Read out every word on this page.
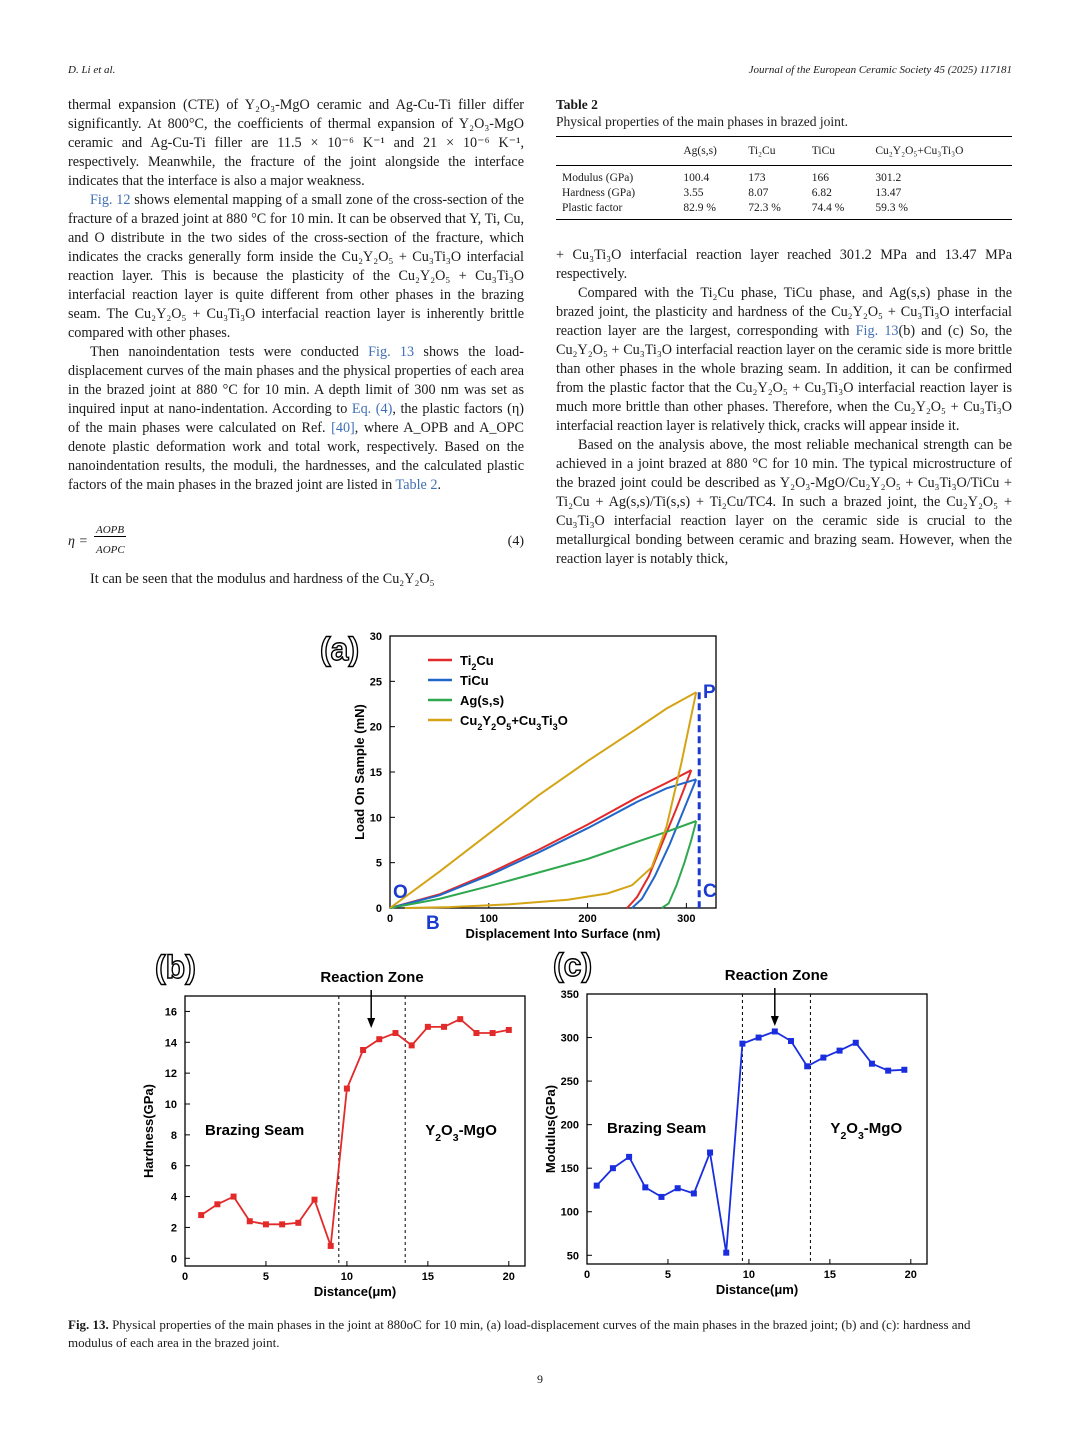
D. Li et al.	Journal of the European Ceramic Society 45 (2025) 117181

thermal expansion (CTE) of Y₂O₃-MgO ceramic and Ag-Cu-Ti filler differ significantly. At 800°C, the coefficients of thermal expansion of Y₂O₃-MgO ceramic and Ag-Cu-Ti filler are 11.5 × 10⁻⁶ K⁻¹ and 21 × 10⁻⁶ K⁻¹, respectively. Meanwhile, the fracture of the joint alongside the interface indicates that the interface is also a major weakness.

Fig. 12 shows elemental mapping of a small zone of the cross-section of the fracture of a brazed joint at 880 °C for 10 min. It can be observed that Y, Ti, Cu, and O distribute in the two sides of the cross-section of the fracture, which indicates the cracks generally form inside the Cu₂Y₂O₅ + Cu₃Ti₃O interfacial reaction layer. This is because the plasticity of the Cu₂Y₂O₅ + Cu₃Ti₃O interfacial reaction layer is quite different from other phases in the brazing seam. The Cu₂Y₂O₅ + Cu₃Ti₃O interfacial reaction layer is inherently brittle compared with other phases.

Then nanoindentation tests were conducted Fig. 13 shows the load-displacement curves of the main phases and the physical properties of each area in the brazed joint at 880 °C for 10 min. A depth limit of 300 nm was set as inquired input at nano-indentation. According to Eq. (4), the plastic factors (η) of the main phases were calculated on Ref. [40], where A_OPB and A_OPC denote plastic deformation work and total work, respectively. Based on the nanoindentation results, the moduli, the hardnesses, and the calculated plastic factors of the main phases in the brazed joint are listed in Table 2.

η =
AOPB
AOPC
(4)

It can be seen that the modulus and hardness of the Cu₂Y₂O₅

Table 2
Physical properties of the main phases in brazed joint.
	Ag(s,s)	Ti₂Cu	TiCu	Cu₂Y₂O₅+Cu₃Ti₃O
Modulus (GPa)	100.4	173	166	301.2
Hardness (GPa)	3.55	8.07	6.82	13.47
Plastic factor	82.9 %	72.3 %	74.4 %	59.3 %

+ Cu₃Ti₃O interfacial reaction layer reached 301.2 MPa and 13.47 MPa respectively.

Compared with the Ti₂Cu phase, TiCu phase, and Ag(s,s) phase in the brazed joint, the plasticity and hardness of the Cu₂Y₂O₅ + Cu₃Ti₃O interfacial reaction layer are the largest, corresponding with Fig. 13(b) and (c) So, the Cu₂Y₂O₅ + Cu₃Ti₃O interfacial reaction layer on the ceramic side is more brittle than other phases in the whole brazing seam. In addition, it can be confirmed from the plastic factor that the Cu₂Y₂O₅ + Cu₃Ti₃O interfacial reaction layer is much more brittle than other phases. Therefore, when the Cu₂Y₂O₅ + Cu₃Ti₃O interfacial reaction layer is relatively thick, cracks will appear inside it.

Based on the analysis above, the most reliable mechanical strength can be achieved in a joint brazed at 880 °C for 10 min. The typical microstructure of the brazed joint could be described as Y₂O₃-MgO/Cu₂Y₂O₅ + Cu₃Ti₃O/TiCu + Ti₂Cu + Ag(s,s)/Ti(s,s) + Ti₂Cu/TC4. In such a brazed joint, the Cu₂Y₂O₅ + Cu₃Ti₃O interfacial reaction layer on the ceramic side is crucial to the metallurgical bonding between ceramic and brazing seam. However, when the reaction layer is notably thick,

(a)
0	100	200	300
0
5
10
15
20
25
30
Displacement Into Surface (nm)
Load On Sample (mN)
O
B
C
P
$Ti_2Cu$
TiCu
Ag(s,s)
$Cu_2Y_2O_5+Cu_3Ti_3O$
(b)
0	5	10	15	20
0
2
4
6
8
10
12
14
16
Distance(μm)
Hardness(GPa)
Reaction Zone
Brazing Seam	$Y_2O_3$-MgO
(c)
0	5	10	15	20
50
100
150
200
250
300
350
Distance(μm)
Modulus(GPa)
Reaction Zone
Brazing Seam	$Y_2O_3$-MgO
Fig. 13. Physical properties of the main phases in the joint at 880oC for 10 min, (a) load-displacement curves of the main phases in the brazed joint; (b) and (c): hardness and modulus of each area in the brazed joint.
9
